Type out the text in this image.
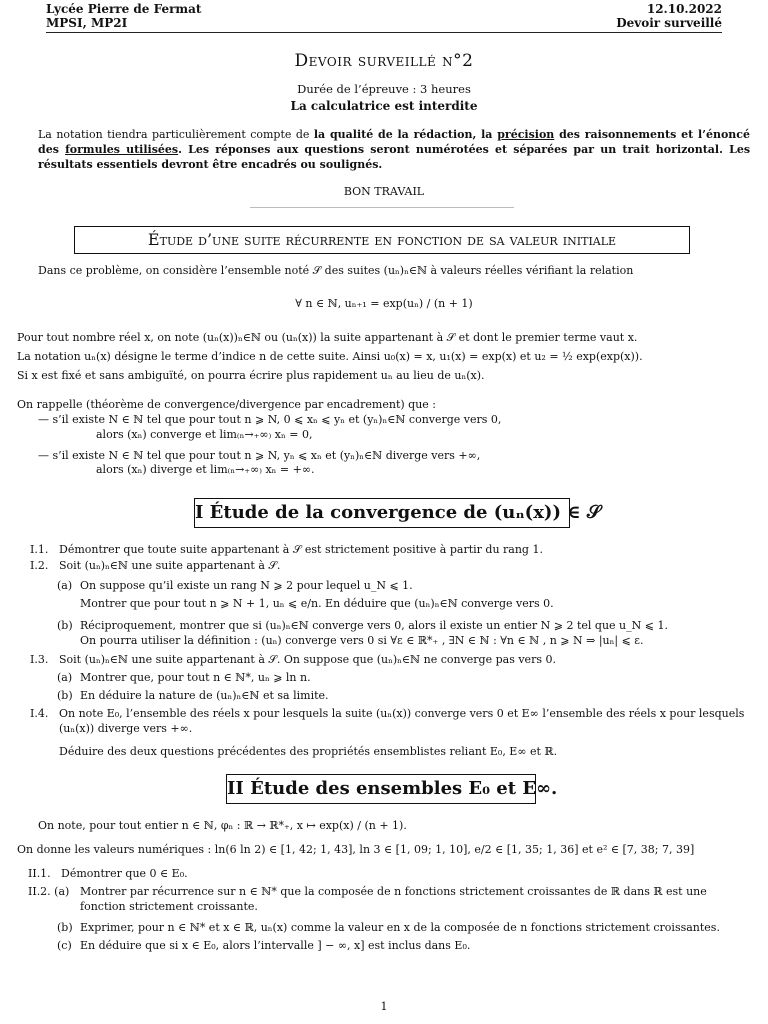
Lycée Pierre de Fermat
MPSI, MP2I
12.10.2022
Devoir surveillé
Devoir surveillé n°2
Durée de l’épreuve : 3 heures
La calculatrice est interdite
La notation tiendra particulièrement compte de la qualité de la rédaction, la précision des raisonnements et l’énoncé des formules utilisées. Les réponses aux questions seront numérotées et séparées par un trait horizontal. Les résultats essentiels devront être encadrés ou soulignés.
BON TRAVAIL
Étude d’une suite récurrente en fonction de sa valeur initiale
Dans ce problème, on considère l’ensemble noté 𝒮 des suites (uₙ)ₙ∈ℕ à valeurs réelles vérifiant la relation
∀ n ∈ ℕ, uₙ₊₁ = exp(uₙ) / (n + 1)
Pour tout nombre réel x, on note (uₙ(x))ₙ∈ℕ ou (uₙ(x)) la suite appartenant à 𝒮 et dont le premier terme vaut x.
La notation uₙ(x) désigne le terme d’indice n de cette suite. Ainsi u₀(x) = x, u₁(x) = exp(x) et u₂ = ½ exp(exp(x)).
Si x est fixé et sans ambiguïté, on pourra écrire plus rapidement uₙ au lieu de uₙ(x).
On rappelle (théorème de convergence/divergence par encadrement) que :
— s’il existe N ∈ ℕ tel que pour tout n ⩾ N, 0 ⩽ xₙ ⩽ yₙ et (yₙ)ₙ∈ℕ converge vers 0,
alors (xₙ) converge et lim₍ₙ→₊∞₎ xₙ = 0,
— s’il existe N ∈ ℕ tel que pour tout n ⩾ N, yₙ ⩽ xₙ et (yₙ)ₙ∈ℕ diverge vers +∞,
alors (xₙ) diverge et lim₍ₙ→₊∞₎ xₙ = +∞.
I Étude de la convergence de (uₙ(x)) ∈ 𝒮
I.1. Démontrer que toute suite appartenant à 𝒮 est strictement positive à partir du rang 1.
I.2. Soit (uₙ)ₙ∈ℕ une suite appartenant à 𝒮.
(a) On suppose qu’il existe un rang N ⩾ 2 pour lequel u_N ⩽ 1.
Montrer que pour tout n ⩾ N + 1, uₙ ⩽ e/n. En déduire que (uₙ)ₙ∈ℕ converge vers 0.
(b) Réciproquement, montrer que si (uₙ)ₙ∈ℕ converge vers 0, alors il existe un entier N ⩾ 2 tel que u_N ⩽ 1.
On pourra utiliser la définition : (uₙ) converge vers 0 si ∀ε ∈ ℝ*₊ , ∃N ∈ ℕ : ∀n ∈ ℕ , n ⩾ N ⇒ |uₙ| ⩽ ε.
I.3. Soit (uₙ)ₙ∈ℕ une suite appartenant à 𝒮. On suppose que (uₙ)ₙ∈ℕ ne converge pas vers 0.
(a) Montrer que, pour tout n ∈ ℕ*, uₙ ⩾ ln n.
(b) En déduire la nature de (uₙ)ₙ∈ℕ et sa limite.
I.4. On note E₀, l’ensemble des réels x pour lesquels la suite (uₙ(x)) converge vers 0 et E∞ l’ensemble des réels x pour lesquels (uₙ(x)) diverge vers +∞.
Déduire des deux questions précédentes des propriétés ensemblistes reliant E₀, E∞ et ℝ.
II Étude des ensembles E₀ et E∞.
On note, pour tout entier n ∈ ℕ, φₙ : ℝ → ℝ*₊, x ↦ exp(x) / (n + 1).
On donne les valeurs numériques : ln(6 ln 2) ∈ [1, 42; 1, 43], ln 3 ∈ [1, 09; 1, 10], e/2 ∈ [1, 35; 1, 36] et e² ∈ [7, 38; 7, 39]
II.1. Démontrer que 0 ∈ E₀.
II.2. (a) Montrer par récurrence sur n ∈ ℕ* que la composée de n fonctions strictement croissantes de ℝ dans ℝ est une fonction strictement croissante.
(b) Exprimer, pour n ∈ ℕ* et x ∈ ℝ, uₙ(x) comme la valeur en x de la composée de n fonctions strictement croissantes.
(c) En déduire que si x ∈ E₀, alors l’intervalle ] − ∞, x] est inclus dans E₀.
1
